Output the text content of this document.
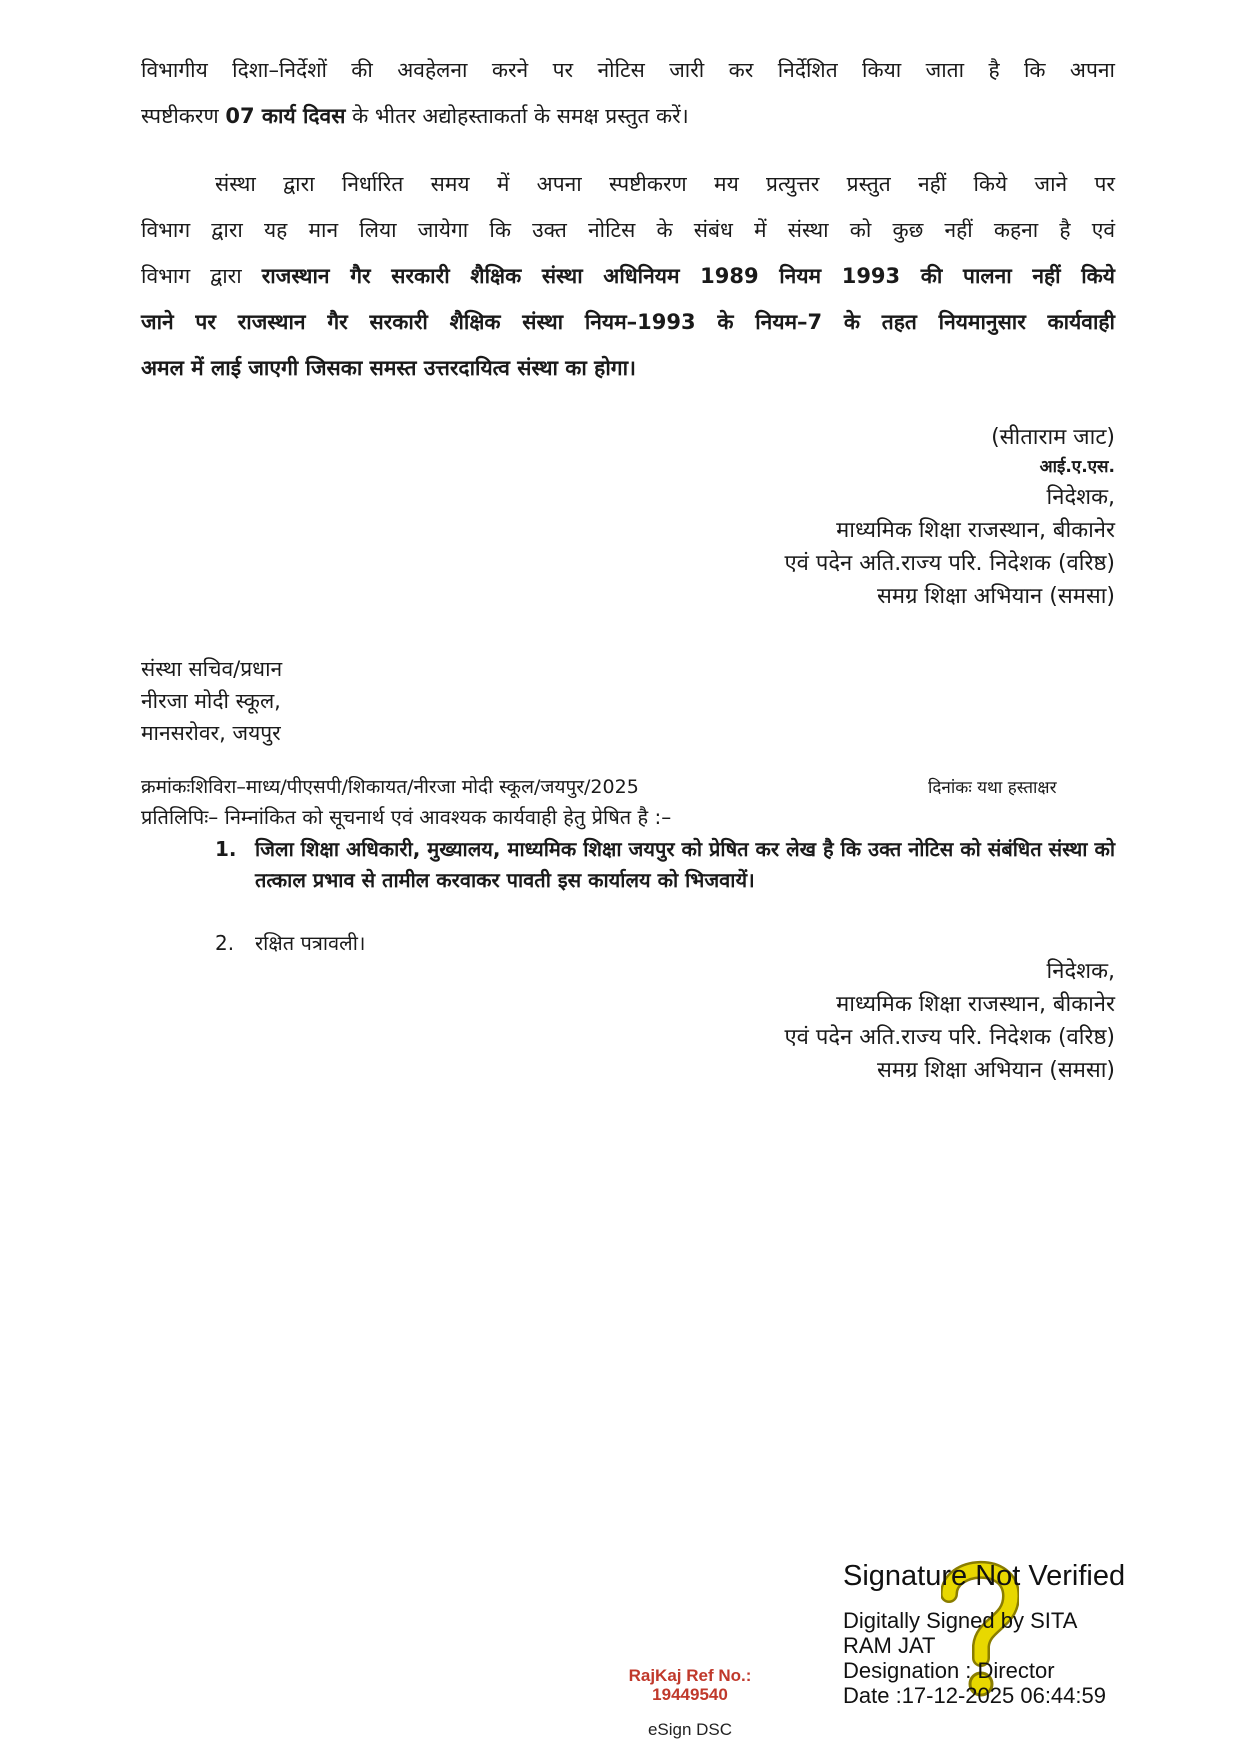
विभागीय दिशा–निर्देशों की अवहेलना करने पर नोटिस जारी कर निर्देशित किया जाता है कि अपना
स्पष्टीकरण 07 कार्य दिवस के भीतर अद्योहस्ताकर्ता के समक्ष प्रस्तुत करें।
संस्था द्वारा निर्धारित समय में अपना स्पष्टीकरण मय प्रत्युत्तर प्रस्तुत नहीं किये जाने पर
विभाग द्वारा यह मान लिया जायेगा कि उक्त नोटिस के संबंध में संस्था को कुछ नहीं कहना है एवं
विभाग द्वारा राजस्थान गैर सरकारी शैक्षिक संस्था अधिनियम 1989 नियम 1993 की पालना नहीं किये
जाने पर राजस्थान गैर सरकारी शैक्षिक संस्था नियम–1993 के नियम–7 के तहत नियमानुसार कार्यवाही
अमल में लाई जाएगी जिसका समस्त उत्तरदायित्व संस्था का होगा।
(सीताराम जाट)
आई.ए.एस.
निदेशक,
माध्यमिक शिक्षा राजस्थान, बीकानेर
एवं पदेन अति.राज्य परि. निदेशक (वरिष्ठ)
समग्र शिक्षा अभियान (समसा)
संस्था सचिव/प्रधान
नीरजा मोदी स्कूल,
मानसरोवर, जयपुर
क्रमांकःशिविरा–माध्य/पीएसपी/शिकायत/नीरजा मोदी स्कूल/जयपुर/2025	दिनांकः यथा हस्ताक्षर
प्रतिलिपिः– निम्नांकित को सूचनार्थ एवं आवश्यक कार्यवाही हेतु प्रेषित है :–
1. जिला शिक्षा अधिकारी, मुख्यालय, माध्यमिक शिक्षा जयपुर को प्रेषित कर लेख है कि उक्त नोटिस को संबंधित संस्था को तत्काल प्रभाव से तामील करवाकर पावती इस कार्यालय को भिजवायें।
2.	रक्षित पत्रावली।
निदेशक,
माध्यमिक शिक्षा राजस्थान, बीकानेर
एवं पदेन अति.राज्य परि. निदेशक (वरिष्ठ)
समग्र शिक्षा अभियान (समसा)
RajKaj Ref No.:
19449540
eSign DSC
Signature Not Verified
Digitally Signed by SITA
RAM JAT
Designation : Director
Date :17-12-2025 06:44:59
